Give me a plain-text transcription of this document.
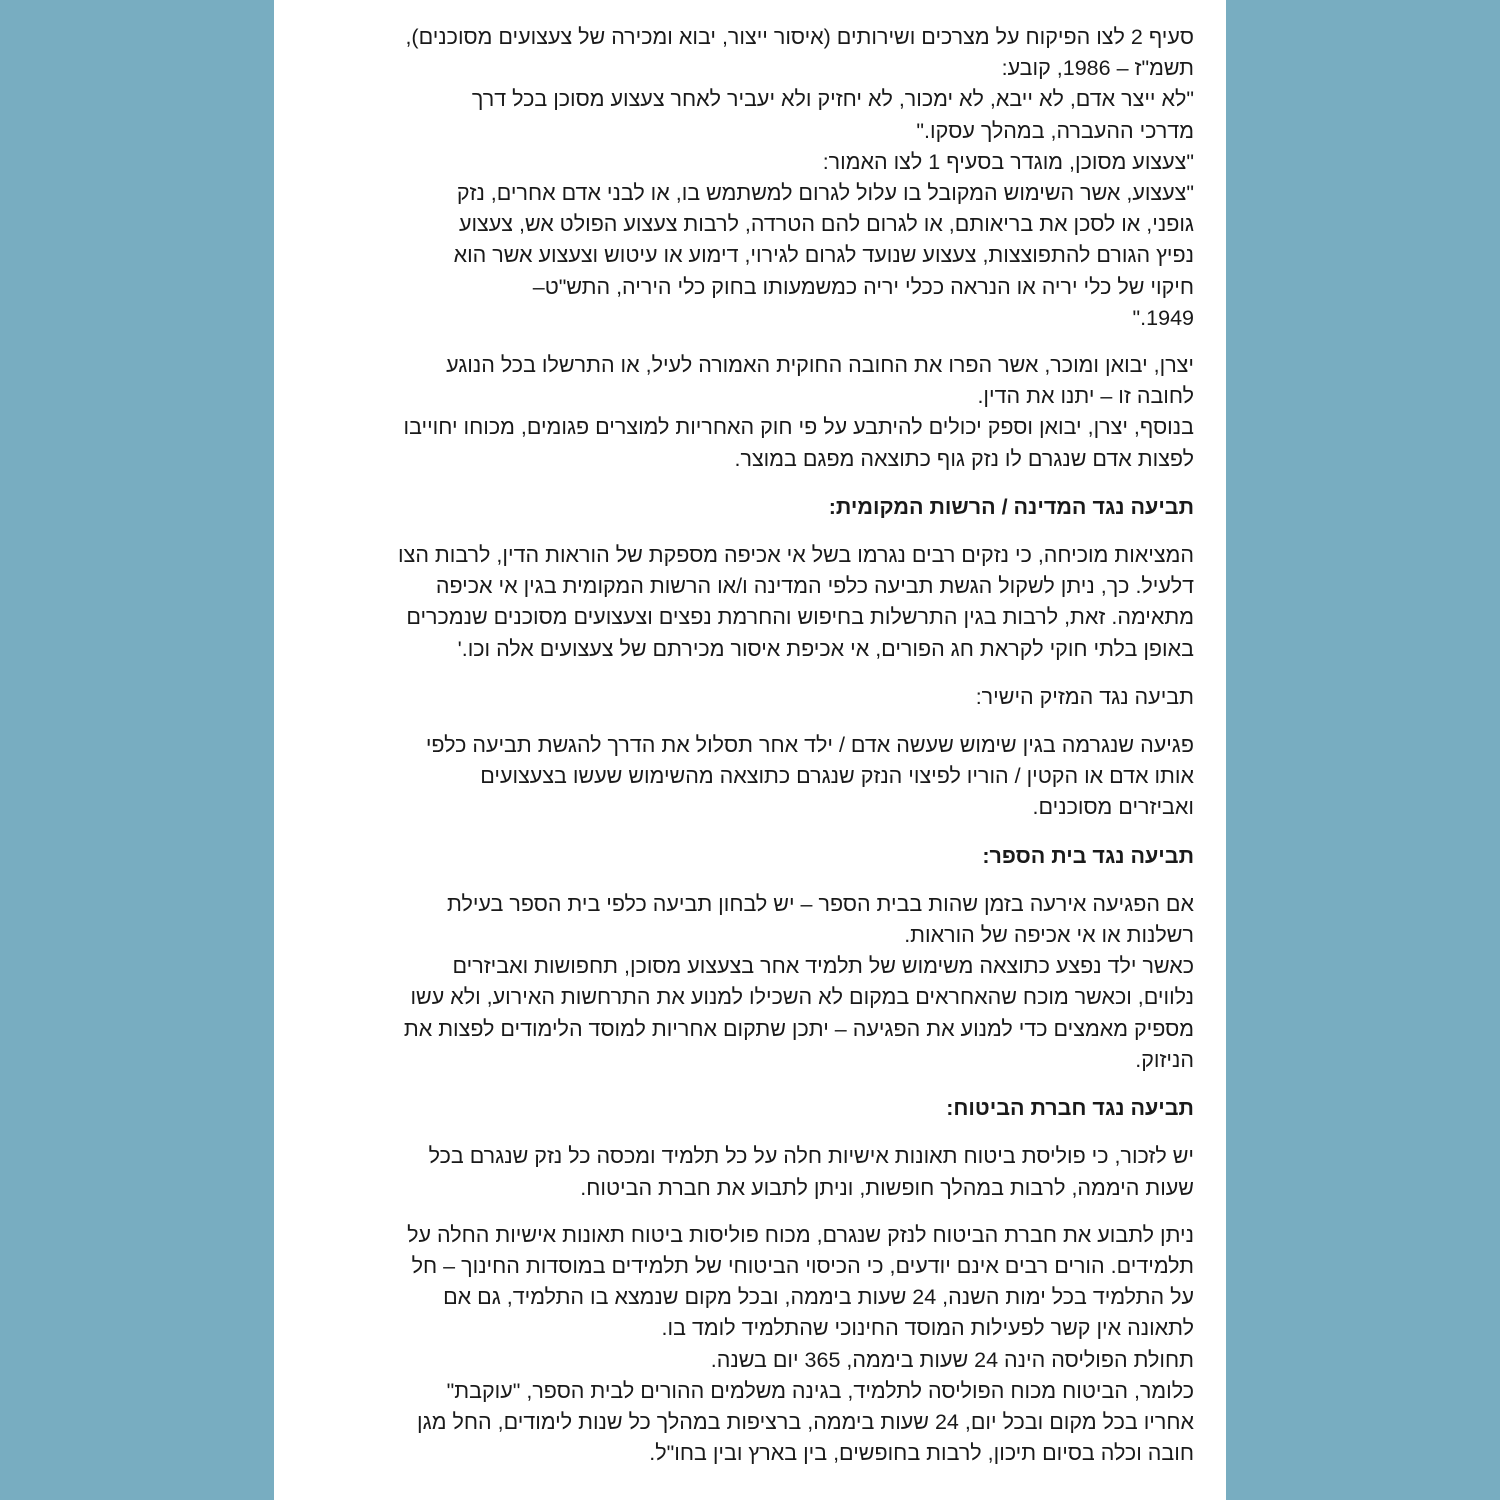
סעיף 2 לצו הפיקוח על מצרכים ושירותים (איסור ייצור, יבוא ומכירה של צעצועים מסוכנים),
תשמ"ז – 1986, קובע:
"לא ייצר אדם, לא ייבא, לא ימכור, לא יחזיק ולא יעביר לאחר צעצוע מסוכן בכל דרך
מדרכי ההעברה, במהלך עסקו."
"צעצוע מסוכן, מוגדר בסעיף 1 לצו האמור:
"צעצוע, אשר השימוש המקובל בו עלול לגרום למשתמש בו, או לבני אדם אחרים, נזק
גופני, או לסכן את בריאותם, או לגרום להם הטרדה, לרבות צעצוע הפולט אש, צעצוע
נפיץ הגורם להתפוצצות, צעצוע שנועד לגרום לגירוי, דימוע או עיטוש וצעצוע אשר הוא
חיקוי של כלי יריה או הנראה ככלי יריה כמשמעותו בחוק כלי היריה, התש"ט–
1949."
יצרן, יבואן ומוכר, אשר הפרו את החובה החוקית האמורה לעיל, או התרשלו בכל הנוגע
לחובה זו – יתנו את הדין.
בנוסף, יצרן, יבואן וספק יכולים להיתבע על פי חוק האחריות למוצרים פגומים, מכוחו יחוייבו
לפצות אדם שנגרם לו נזק גוף כתוצאה מפגם במוצר.
תביעה נגד המדינה / הרשות המקומית:
המציאות מוכיחה, כי נזקים רבים נגרמו בשל אי אכיפה מספקת של הוראות הדין, לרבות הצו
דלעיל. כך, ניתן לשקול הגשת תביעה כלפי המדינה ו/או הרשות המקומית בגין אי אכיפה
מתאימה. זאת, לרבות בגין התרשלות בחיפוש והחרמת נפצים וצעצועים מסוכנים שנמכרים
באופן בלתי חוקי לקראת חג הפורים, אי אכיפת איסור מכירתם של צעצועים אלה וכו.'
תביעה נגד המזיק הישיר:
פגיעה שנגרמה בגין שימוש שעשה אדם / ילד אחר תסלול את הדרך להגשת תביעה כלפי
אותו אדם או הקטין / הוריו לפיצוי הנזק שנגרם כתוצאה מהשימוש שעשו בצעצועים
ואביזרים מסוכנים.
תביעה נגד בית הספר:
אם הפגיעה אירעה בזמן שהות בבית הספר – יש לבחון תביעה כלפי בית הספר בעילת
רשלנות או אי אכיפה של הוראות.
כאשר ילד נפצע כתוצאה משימוש של תלמיד אחר בצעצוע מסוכן, תחפושות ואביזרים
נלווים, וכאשר מוכח שהאחראים במקום לא השכילו למנוע את התרחשות האירוע, ולא עשו
מספיק מאמצים כדי למנוע את הפגיעה – יתכן שתקום אחריות למוסד הלימודים לפצות את
הניזוק.
תביעה נגד חברת הביטוח:
יש לזכור, כי פוליסת ביטוח תאונות אישיות חלה על כל תלמיד ומכסה כל נזק שנגרם בכל
שעות היממה, לרבות במהלך חופשות, וניתן לתבוע את חברת הביטוח.
ניתן לתבוע את חברת הביטוח לנזק שנגרם, מכוח פוליסות ביטוח תאונות אישיות החלה על
תלמידים. הורים רבים אינם יודעים, כי הכיסוי הביטוחי של תלמידים במוסדות החינוך – חל
על התלמיד בכל ימות השנה, 24 שעות ביממה, ובכל מקום שנמצא בו התלמיד, גם אם
לתאונה אין קשר לפעילות המוסד החינוכי שהתלמיד לומד בו.
תחולת הפוליסה הינה 24 שעות ביממה, 365 יום בשנה.
כלומר, הביטוח מכוח הפוליסה לתלמיד, בגינה משלמים ההורים לבית הספר, "עוקבת"
אחריו בכל מקום ובכל יום, 24 שעות ביממה, ברציפות במהלך כל שנות לימודים, החל מגן
חובה וכלה בסיום תיכון, לרבות בחופשים, בין בארץ ובין בחו"ל.
